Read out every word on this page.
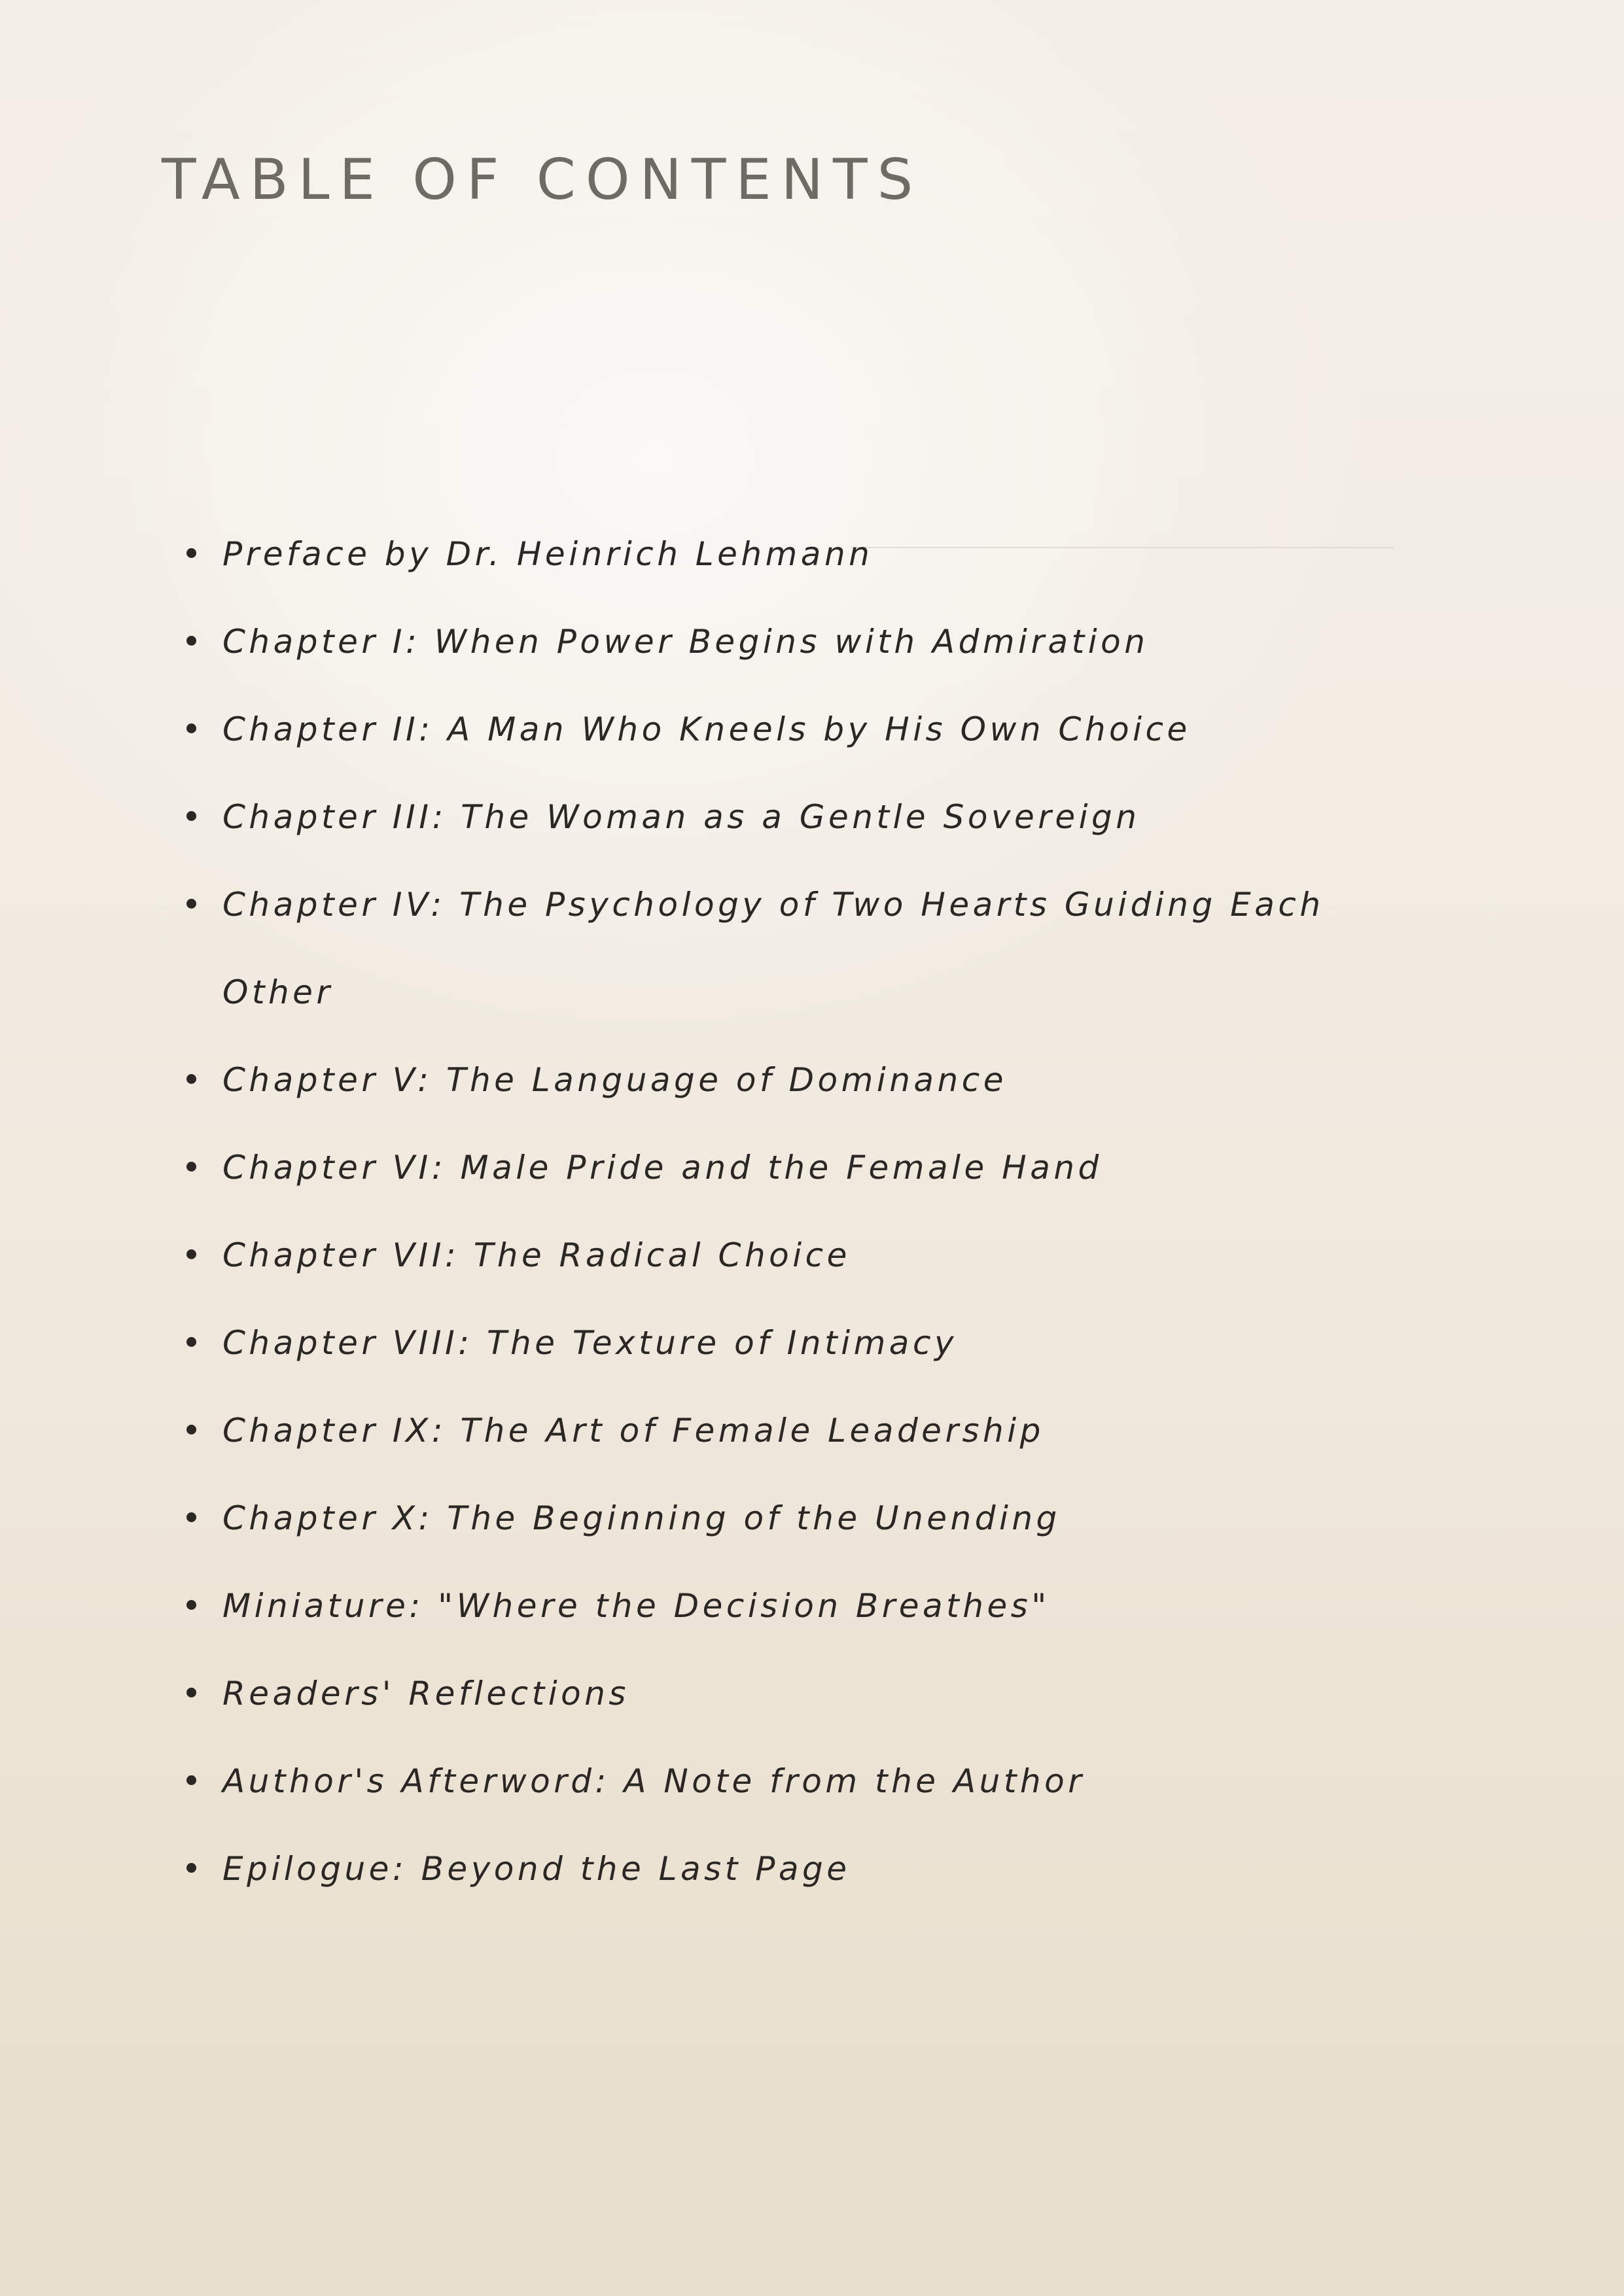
TABLE OF CONTENTS
Preface by Dr. Heinrich Lehmann
Chapter I: When Power Begins with Admiration
Chapter II: A Man Who Kneels by His Own Choice
Chapter III: The Woman as a Gentle Sovereign
Chapter IV: The Psychology of Two Hearts Guiding Each Other
Chapter V: The Language of Dominance
Chapter VI: Male Pride and the Female Hand
Chapter VII: The Radical Choice
Chapter VIII: The Texture of Intimacy
Chapter IX: The Art of Female Leadership
Chapter X: The Beginning of the Unending
Miniature: "Where the Decision Breathes"
Readers' Reflections
Author's Afterword: A Note from the Author
Epilogue: Beyond the Last Page
